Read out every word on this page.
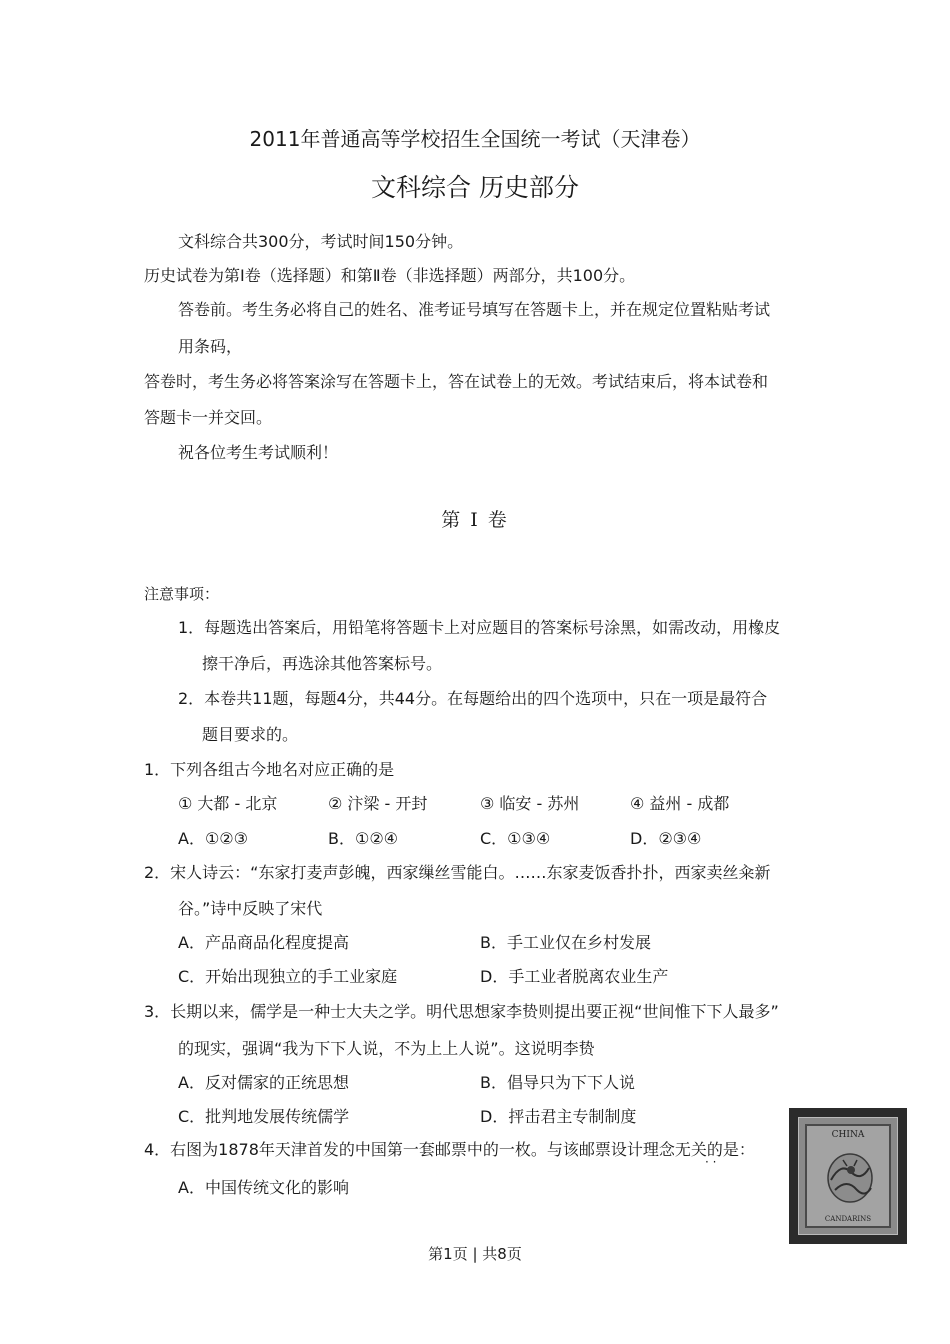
2011年普通高等学校招生全国统一考试（天津卷）
文科综合 历史部分
文科综合共300分，考试时间150分钟。
历史试卷为第Ⅰ卷（选择题）和第Ⅱ卷（非选择题）两部分，共100分。
答卷前。考生务必将自己的姓名、准考证号填写在答题卡上，并在规定位置粘贴考试
用条码，
答卷时，考生务必将答案涂写在答题卡上，答在试卷上的无效。考试结束后，将本试卷和
答题卡一并交回。
祝各位考生考试顺利！
第 Ⅰ 卷
注意事项：
1．每题选出答案后，用铅笔将答题卡上对应题目的答案标号涂黑，如需改动，用橡皮
擦干净后，再选涂其他答案标号。
2．本卷共11题，每题4分，共44分。在每题给出的四个选项中，只在一项是最符合
题目要求的。
1．下列各组古今地名对应正确的是
① 大都 - 北京	② 汴梁 - 开封	③ 临安 - 苏州	④ 益州 - 成都
A．①②③	B．①②④	C．①③④	D．②③④
2．宋人诗云：“东家打麦声彭魄，西家缫丝雪能白。……东家麦饭香扑扑，西家卖丝籴新
谷。”诗中反映了宋代
A．产品商品化程度提高	B．手工业仅在乡村发展
C．开始出现独立的手工业家庭	D．手工业者脱离农业生产
3．长期以来，儒学是一种士大夫之学。明代思想家李贽则提出要正视“世间惟下下人最多”
的现实，强调“我为下下人说，不为上上人说”。这说明李贽
A．反对儒家的正统思想	B．倡导只为下下人说
C．批判地发展传统儒学	D．抨击君主专制制度
4．右图为1878年天津首发的中国第一套邮票中的一枚。与该邮票设计理念无关的是：
· ·
A．中国传统文化的影响
CHINA
CANDARINS
第1页 | 共8页
